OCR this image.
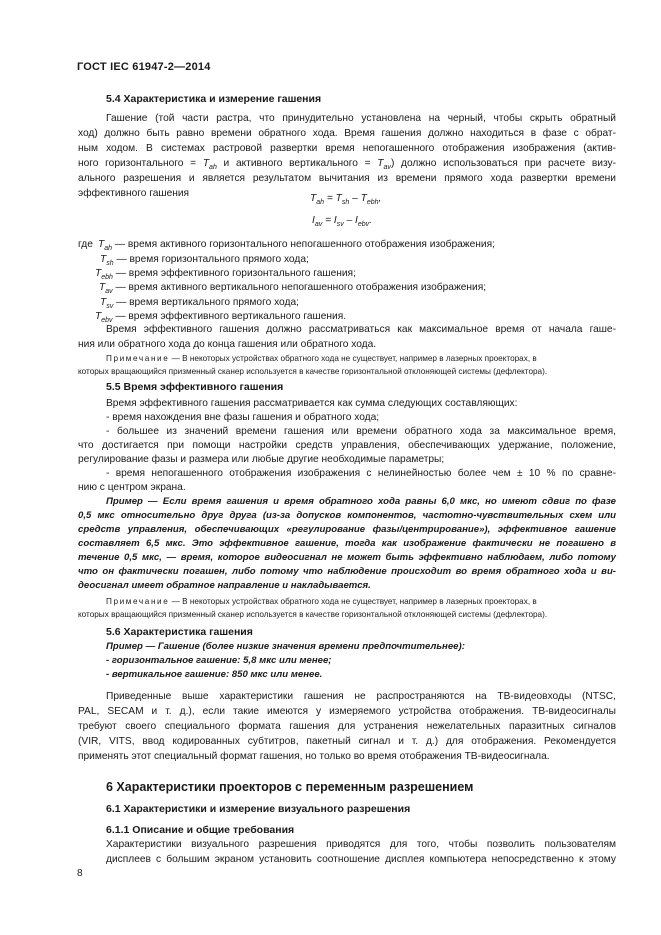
ГОСТ IEC 61947-2—2014
5.4 Характеристика и измерение гашения
Гашение (той части растра, что принудительно установлена на черный, чтобы скрыть обратный
ход) должно быть равно времени обратного хода. Время гашения должно находиться в фазе с обрат-
ным ходом. В системах растровой развертки время непогашенного отображения изображения (актив-
ного горизонтального = $T_{ah}$ и активного вертикального = $T_{av}$) должно использоваться при расчете визу-
ального разрешения и является результатом вычитания из времени прямого хода развертки времени
эффективного гашения	$T_{ah} = T_{sh} - T_{ebh}$,
$I_{av} = I_{sv} - I_{ebv}$.
где $T_{ah}$ — время активного горизонтального непогашенного отображения изображения;
$T_{sh}$ — время горизонтального прямого хода;
$T_{ebh}$ — время эффективного горизонтального гашения;
$T_{av}$ — время активного вертикального непогашенного отображения изображения;
$T_{sv}$ — время вертикального прямого хода;
$T_{ebv}$ — время эффективного вертикального гашения.
Время эффективного гашения должно рассматриваться как максимальное время от начала гаше-
ния или обратного хода до конца гашения или обратного хода.
Примечание — В некоторых устройствах обратного хода не существует, например в лазерных проекторах, в
которых вращающийся призменный сканер используется в качестве горизонтальной отклоняющей системы (дефлектора).
5.5 Время эффективного гашения
Время эффективного гашения рассматривается как сумма следующих составляющих:
- время нахождения вне фазы гашения и обратного хода;
- большее из значений времени гашения или времени обратного хода за максимальное время,
что достигается при помощи настройки средств управления, обеспечивающих удержание, положение,
регулирование фазы и размера или любые другие необходимые параметры;
- время непогашенного отображения изображения с нелинейностью более чем ± 10 % по сравне-
нию с центром экрана.
Пример — Если время гашения и время обратного хода равны 6,0 мкс, но имеют сдвиг по фазе
0,5 мкс относительно друг друга (из-за допусков компонентов, частотно-чувствительных схем или
средств управления, обеспечивающих «регулирование фазы/центрирование»), эффективное гашение
составляет 6,5 мкс. Это эффективное гашение, тогда как изображение фактически не погашено в
течение 0,5 мкс, — время, которое видеосигнал не может быть эффективно наблюдаем, либо потому
что он фактически погашен, либо потому что наблюдение происходит во время обратного хода и ви-
деосигнал имеет обратное направление и накладывается.
Примечание — В некоторых устройствах обратного хода не существует, например в лазерных проекторах, в
которых вращающийся призменный сканер используется в качестве горизонтальной отклоняющей системы (дефлектора).
5.6 Характеристика гашения
Пример — Гашение (более низкие значения времени предпочтительнее):
- горизонтальное гашение: 5,8 мкс или менее;
- вертикальное гашение: 850 мкс или менее.
Приведенные выше характеристики гашения не распространяются на ТВ-видеовходы (NTSC,
PAL, SECAM и т. д.), если такие имеются у измеряемого устройства отображения. ТВ-видеосигналы
требуют своего специального формата гашения для устранения нежелательных паразитных сигналов
(VIR, VITS, ввод кодированных субтитров, пакетный сигнал и т. д.) для отображения. Рекомендуется
применять этот специальный формат гашения, но только во время отображения ТВ-видеосигнала.
6 Характеристики проекторов с переменным разрешением
6.1 Характеристики и измерение визуального разрешения
6.1.1 Описание и общие требования
Характеристики визуального разрешения приводятся для того, чтобы позволить пользователям
дисплеев с большим экраном установить соотношение дисплея компьютера непосредственно к этому
8
